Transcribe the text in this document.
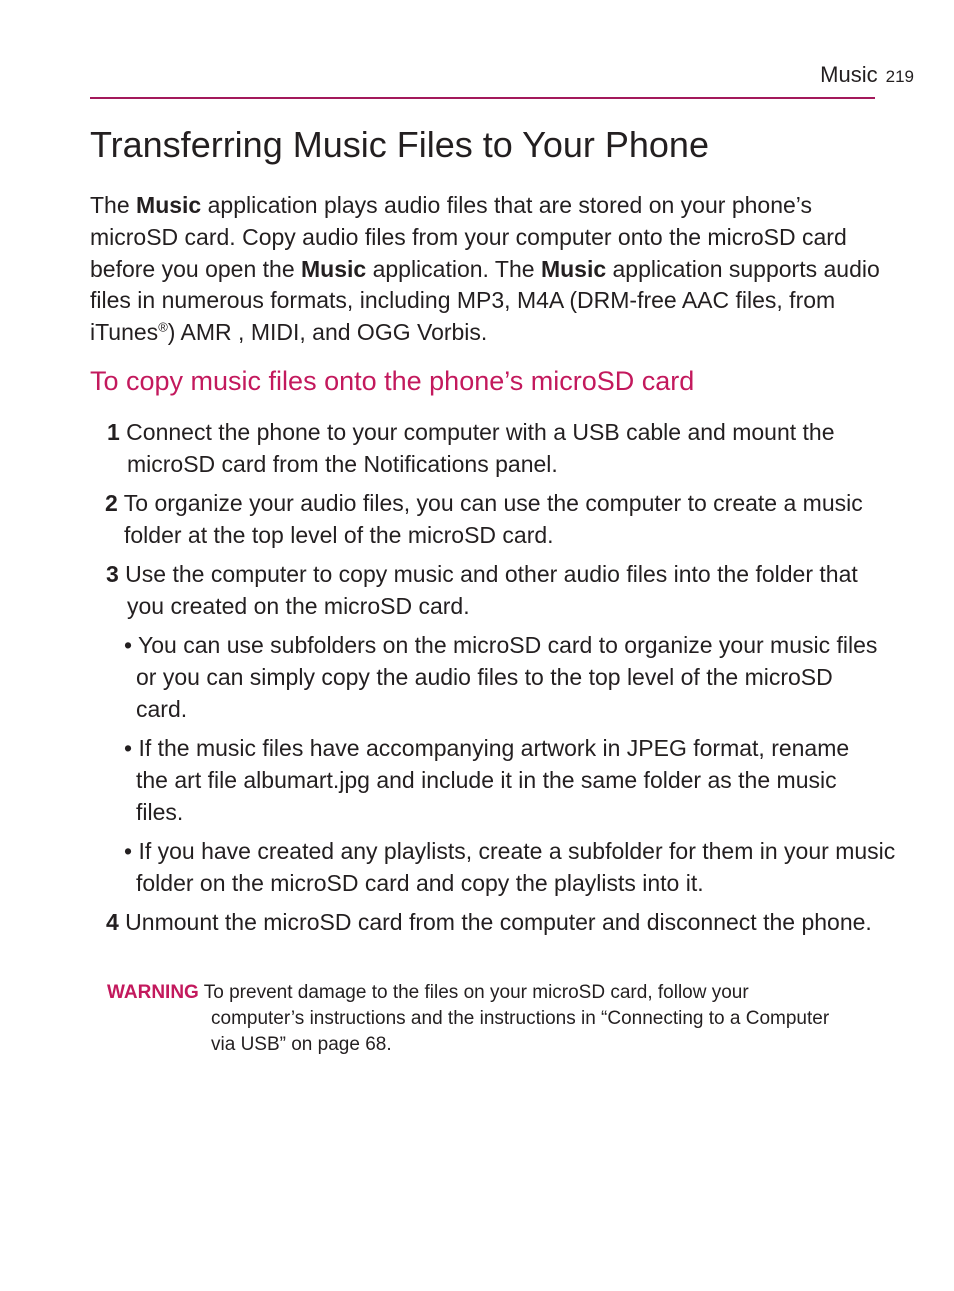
Music 219
Transferring Music Files to Your Phone

The Music application plays audio files that are stored on your phone’s microSD card. Copy audio files from your computer onto the microSD card before you open the Music application. The Music application supports audio files in numerous formats, including MP3, M4A (DRM-free AAC files, from iTunes®) AMR , MIDI, and OGG Vorbis.

To copy music files onto the phone’s microSD card

1 Connect the phone to your computer with a USB cable and mount the microSD card from the Notifications panel.

2 To organize your audio files, you can use the computer to create a music folder at the top level of the microSD card.

3 Use the computer to copy music and other audio files into the folder that you created on the microSD card.

• You can use subfolders on the microSD card to organize your music files or you can simply copy the audio files to the top level of the microSD card.

• If the music files have accompanying artwork in JPEG format, rename the art file albumart.jpg and include it in the same folder as the music files.

• If you have created any playlists, create a subfolder for them in your music folder on the microSD card and copy the playlists into it.

4 Unmount the microSD card from the computer and disconnect the phone.

WARNING To prevent damage to the files on your microSD card, follow your computer’s instructions and the instructions in “Connecting to a Computer via USB” on page 68.
